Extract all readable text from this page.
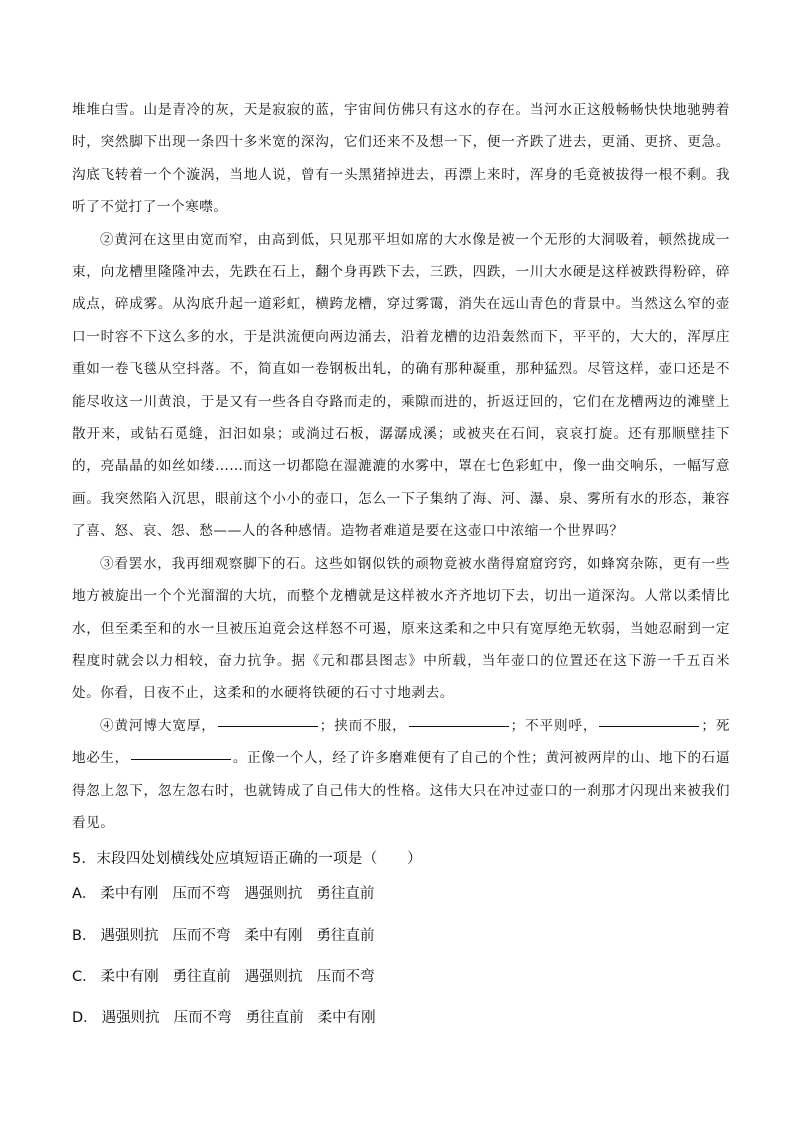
堆堆白雪。山是青冷的灰，天是寂寂的蓝，宇宙间仿佛只有这水的存在。当河水正这般畅畅快快地驰骋着时，突然脚下出现一条四十多米宽的深沟，它们还来不及想一下，便一齐跌了进去，更涌、更挤、更急。沟底飞转着一个个漩涡，当地人说，曾有一头黑猪掉进去，再漂上来时，浑身的毛竟被拔得一根不剩。我听了不觉打了一个寒噤。

②黄河在这里由宽而窄，由高到低，只见那平坦如席的大水像是被一个无形的大洞吸着，顿然拢成一束，向龙槽里隆隆冲去，先跌在石上，翻个身再跌下去，三跌，四跌，一川大水硬是这样被跌得粉碎，碎成点，碎成雾。从沟底升起一道彩虹，横跨龙槽，穿过雾霭，消失在远山青色的背景中。当然这么窄的壶口一时容不下这么多的水，于是洪流便向两边涌去，沿着龙槽的边沿轰然而下，平平的，大大的，浑厚庄重如一卷飞毯从空抖落。不，简直如一卷钢板出轧，的确有那种凝重，那种猛烈。尽管这样，壶口还是不能尽收这一川黄浪，于是又有一些各自夺路而走的，乘隙而进的，折返迂回的，它们在龙槽两边的滩壁上散开来，或钻石觅缝，汩汩如泉；或淌过石板，潺潺成溪；或被夹在石间，哀哀打旋。还有那顺壁挂下的，亮晶晶的如丝如缕……而这一切都隐在湿漉漉的水雾中，罩在七色彩虹中，像一曲交响乐，一幅写意画。我突然陷入沉思，眼前这个小小的壶口，怎么一下子集纳了海、河、瀑、泉、雾所有水的形态，兼容了喜、怒、哀、怨、愁——人的各种感情。造物者难道是要在这壶口中浓缩一个世界吗？

③看罢水，我再细观察脚下的石。这些如钢似铁的顽物竟被水凿得窟窟窍窍，如蜂窝杂陈，更有一些地方被旋出一个个光溜溜的大坑，而整个龙槽就是这样被水齐齐地切下去，切出一道深沟。人常以柔情比水，但至柔至和的水一旦被压迫竟会这样怒不可遏，原来这柔和之中只有宽厚绝无软弱，当她忍耐到一定程度时就会以力相较，奋力抗争。据《元和郡县图志》中所载，当年壶口的位置还在这下游一千五百米处。你看，日夜不止，这柔和的水硬将铁硬的石寸寸地剥去。

④黄河博大宽厚，	；挟而不服，	；不平则呼，	；死地必生，	。正像一个人，经了许多磨难便有了自己的个性；黄河被两岸的山、地下的石逼得忽上忽下，忽左忽右时，也就铸成了自己伟大的性格。这伟大只在冲过壶口的一刹那才闪现出来被我们看见。

5．末段四处划横线处应填短语正确的一项是（　　）

A． 柔中有刚 压而不弯 遇强则抗 勇往直前

B． 遇强则抗 压而不弯 柔中有刚 勇往直前

C． 柔中有刚 勇往直前 遇强则抗 压而不弯

D． 遇强则抗 压而不弯 勇往直前 柔中有刚
